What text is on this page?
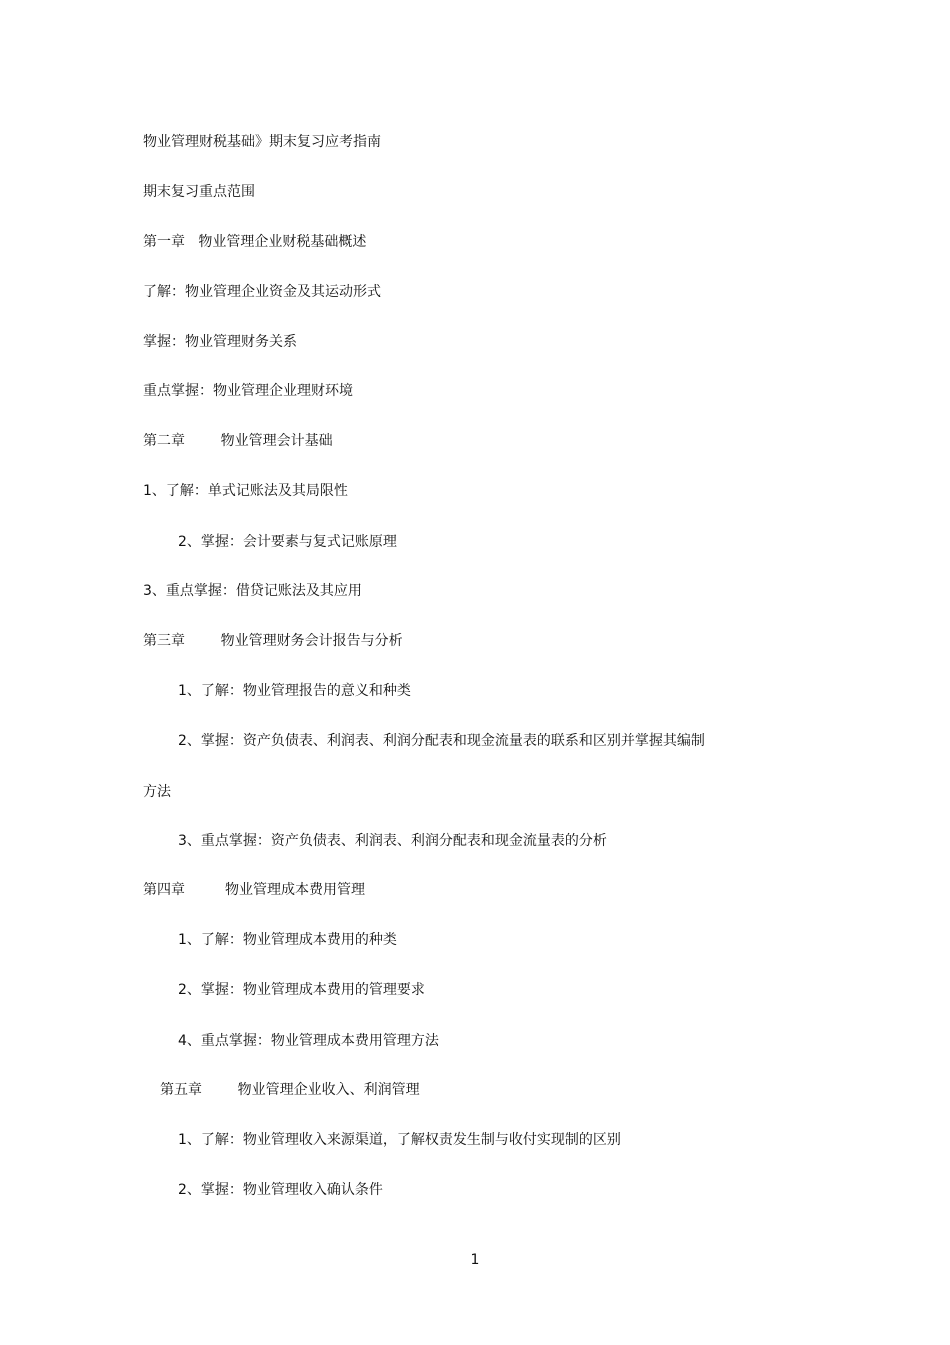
物业管理财税基础》期末复习应考指南
期末复习重点范围
第一章   物业管理企业财税基础概述
了解：物业管理企业资金及其运动形式
掌握：物业管理财务关系
重点掌握：物业管理企业理财环境
第二章        物业管理会计基础
1、了解：单式记账法及其局限性
2、掌握：会计要素与复式记账原理
3、重点掌握：借贷记账法及其应用
第三章        物业管理财务会计报告与分析
1、了解：物业管理报告的意义和种类
2、掌握：资产负债表、利润表、利润分配表和现金流量表的联系和区别并掌握其编制
方法
3、重点掌握：资产负债表、利润表、利润分配表和现金流量表的分析
第四章         物业管理成本费用管理
1、了解：物业管理成本费用的种类
2、掌握：物业管理成本费用的管理要求
4、重点掌握：物业管理成本费用管理方法
第五章        物业管理企业收入、利润管理
1、了解：物业管理收入来源渠道，了解权责发生制与收付实现制的区别
2、掌握：物业管理收入确认条件
1
